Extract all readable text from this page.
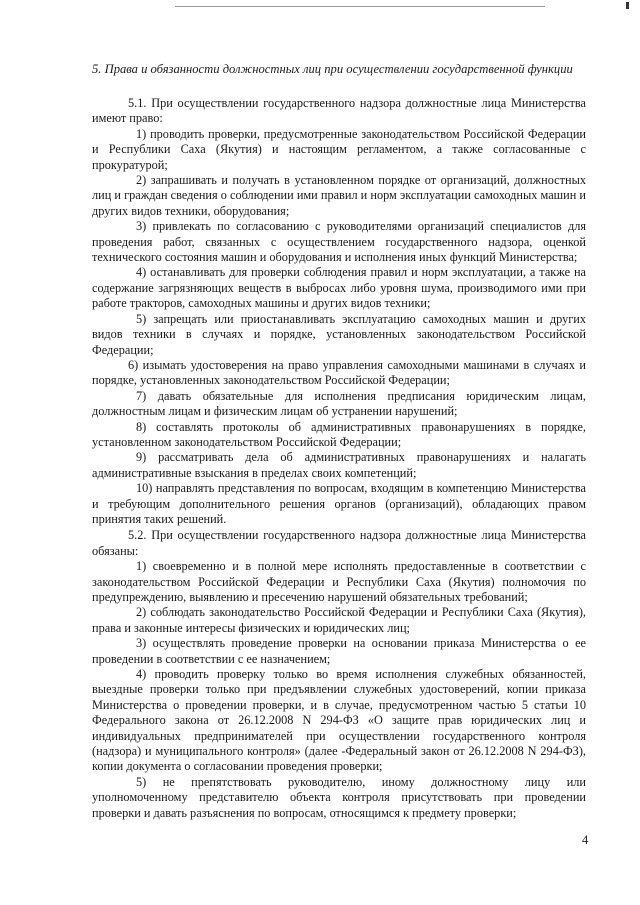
5. Права и обязанности должностных лиц при осуществлении государственной функции

5.1. При осуществлении государственного надзора должностные лица Министерства имеют право:

1) проводить проверки, предусмотренные законодательством Российской Федерации и Республики Саха (Якутия) и настоящим регламентом, а также согласованные с прокуратурой;

2) запрашивать и получать в установленном порядке от организаций, должностных лиц и граждан сведения о соблюдении ими правил и норм эксплуатации самоходных машин и других видов техники, оборудования;

3) привлекать по согласованию с руководителями организаций специалистов для проведения работ, связанных с осуществлением государственного надзора, оценкой технического состояния машин и оборудования и исполнения иных функций Министерства;

4) останавливать для проверки соблюдения правил и норм эксплуатации, а также на содержание загрязняющих веществ в выбросах либо уровня шума, производимого ими при работе тракторов, самоходных машины и других видов техники;

5) запрещать или приостанавливать эксплуатацию самоходных машин и других видов техники в случаях и порядке, установленных законодательством Российской Федерации;

6) изымать удостоверения на право управления самоходными машинами в случаях и порядке, установленных законодательством Российской Федерации;

7) давать обязательные для исполнения предписания юридическим лицам, должностным лицам и физическим лицам об устранении нарушений;

8) составлять протоколы об административных правонарушениях в порядке, установленном законодательством Российской Федерации;

9) рассматривать дела об административных правонарушениях и налагать административные взыскания в пределах своих компетенций;

10) направлять представления по вопросам, входящим в компетенцию Министерства и требующим дополнительного решения органов (организаций), обладающих правом принятия таких решений.

5.2. При осуществлении государственного надзора должностные лица Министерства обязаны:

1) своевременно и в полной мере исполнять предоставленные в соответствии с законодательством Российской Федерации и Республики Саха (Якутия) полномочия по предупреждению, выявлению и пресечению нарушений обязательных требований;

2) соблюдать законодательство Российской Федерации и Республики Саха (Якутия), права и законные интересы физических и юридических лиц;

3) осуществлять проведение проверки на основании приказа Министерства о ее проведении в соответствии с ее назначением;

4) проводить проверку только во время исполнения служебных обязанностей, выездные проверки только при предъявлении служебных удостоверений, копии приказа Министерства о проведении проверки, и в случае, предусмотренном частью 5 статьи 10 Федерального закона от 26.12.2008 N 294-ФЗ «О защите прав юридических лиц и индивидуальных предпринимателей при осуществлении государственного контроля (надзора) и муниципального контроля» (далее -Федеральный закон от 26.12.2008 N 294-ФЗ), копии документа о согласовании проведения проверки;

5) не препятствовать руководителю, иному должностному лицу или уполномоченному представителю объекта контроля присутствовать при проведении проверки и давать разъяснения по вопросам, относящимся к предмету проверки;

4
